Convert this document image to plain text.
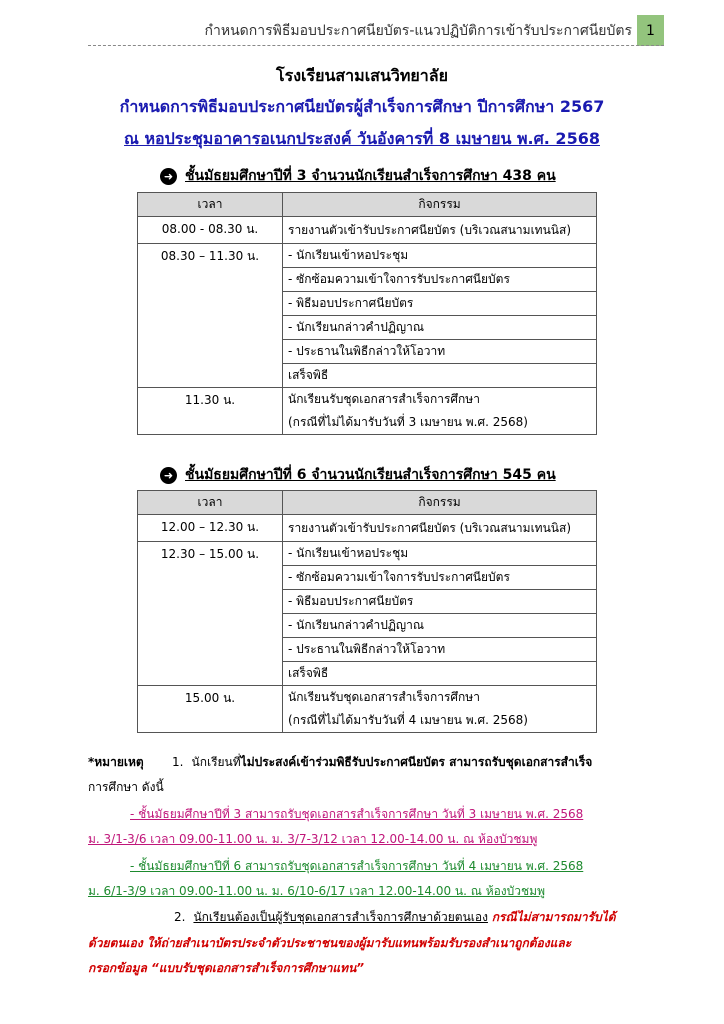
กำหนดการพิธีมอบประกาศนียบัตร-แนวปฏิบัติการเข้ารับประกาศนียบัตร	1
โรงเรียนสามเสนวิทยาลัย
กำหนดการพิธีมอบประกาศนียบัตรผู้สำเร็จการศึกษา ปีการศึกษา 2567
ณ หอประชุมอาคารอเนกประสงค์ วันอังคารที่ 8 เมษายน พ.ศ. 2568
➜ ชั้นมัธยมศึกษาปีที่ 3 จำนวนนักเรียนสำเร็จการศึกษา 438 คน
เวลา	กิจกรรม
08.00 - 08.30 น.	รายงานตัวเข้ารับประกาศนียบัตร (บริเวณสนามเทนนิส)
08.30 – 11.30 น.	- นักเรียนเข้าหอประชุม
	- ซักซ้อมความเข้าใจการรับประกาศนียบัตร
	- พิธีมอบประกาศนียบัตร
	- นักเรียนกล่าวคำปฏิญาณ
	- ประธานในพิธีกล่าวให้โอวาท
	เสร็จพิธี
11.30 น.	นักเรียนรับชุดเอกสารสำเร็จการศึกษา
(กรณีที่ไม่ได้มารับวันที่ 3 เมษายน พ.ศ. 2568)
➜ ชั้นมัธยมศึกษาปีที่ 6 จำนวนนักเรียนสำเร็จการศึกษา 545 คน
เวลา	กิจกรรม
12.00 – 12.30 น.	รายงานตัวเข้ารับประกาศนียบัตร (บริเวณสนามเทนนิส)
12.30 – 15.00 น.	- นักเรียนเข้าหอประชุม
	- ซักซ้อมความเข้าใจการรับประกาศนียบัตร
	- พิธีมอบประกาศนียบัตร
	- นักเรียนกล่าวคำปฏิญาณ
	- ประธานในพิธีกล่าวให้โอวาท
	เสร็จพิธี
15.00 น.	นักเรียนรับชุดเอกสารสำเร็จการศึกษา
(กรณีที่ไม่ได้มารับวันที่ 4 เมษายน พ.ศ. 2568)
*หมายเหตุ 1. นักเรียนที่ไม่ประสงค์เข้าร่วมพิธีรับประกาศนียบัตร สามารถรับชุดเอกสารสำเร็จ
การศึกษา ดังนี้
- ชั้นมัธยมศึกษาปีที่ 3 สามารถรับชุดเอกสารสำเร็จการศึกษา วันที่ 3 เมษายน พ.ศ. 2568
ม. 3/1-3/6 เวลา 09.00-11.00 น. ม. 3/7-3/12 เวลา 12.00-14.00 น. ณ ห้องบัวชมพู
- ชั้นมัธยมศึกษาปีที่ 6 สามารถรับชุดเอกสารสำเร็จการศึกษา วันที่ 4 เมษายน พ.ศ. 2568
ม. 6/1-3/9 เวลา 09.00-11.00 น. ม. 6/10-6/17 เวลา 12.00-14.00 น. ณ ห้องบัวชมพู
2. นักเรียนต้องเป็นผู้รับชุดเอกสารสำเร็จการศึกษาด้วยตนเอง กรณีไม่สามารถมารับได้
ด้วยตนเอง ให้ถ่ายสำเนาบัตรประจำตัวประชาชนของผู้มารับแทนพร้อมรับรองสำเนาถูกต้องและ
กรอกข้อมูล “แบบรับชุดเอกสารสำเร็จการศึกษาแทน”
